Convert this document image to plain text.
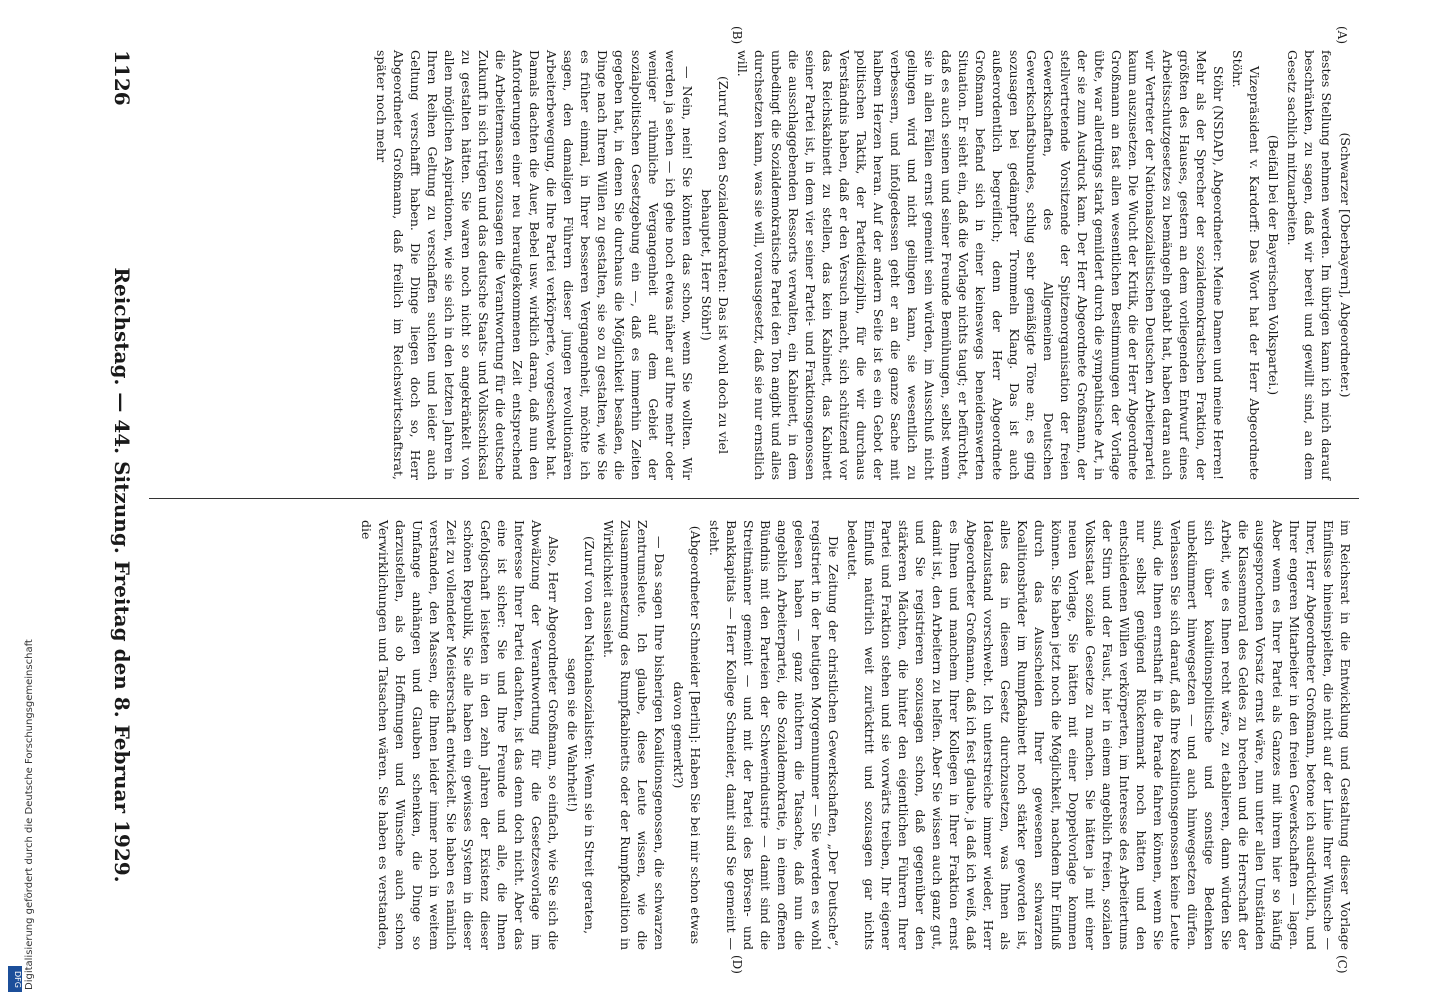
DFG Digitalisierung gefördert durch die Deutsche Forschungsgemeinschaft
1126
Reichstag. — 44. Sitzung. Freitag den 8. Februar 1929.

(Schwarzer [Oberbayern], Abgeordneter.)

festes Stellung nehmen werden. Im übrigen kann ich mich darauf beschränken, zu sagen, daß wir bereit und gewillt sind, an dem Gesetz sachlich mitzuarbeiten.

(Beifall bei der Bayerischen Volkspartei.)

Vizepräsident v. Kardorff: Das Wort hat der Herr Abgeordnete Stöhr.

Stöhr (NSDAP), Abgeordneter: Meine Damen und meine Herren! Mehr als der Sprecher der sozialdemokratischen Fraktion, der größten des Hauses, gestern an dem vorliegenden Entwurf eines Arbeitsschutzgesetzes zu bemängeln gehabt hat, haben daran auch wir Vertreter der Nationalsozialistischen Deutschen Arbeiterpartei kaum auszusetzen. Die Wucht der Kritik, die der Herr Abgeordnete Großmann an fast allen wesentlichen Bestimmungen der Vorlage übte, war allerdings stark gemildert durch die sympathische Art, in der sie zum Ausdruck kam. Der Herr Abgeordnete Großmann, der stellvertretende Vorsitzende der Spitzenorganisation der freien Gewerkschaften, des Allgemeinen Deutschen Gewerkschaftsbundes, schlug sehr gemäßigte Töne an; es ging sozusagen bei gedämpfter Trommeln Klang. Das ist auch außerordentlich begreiflich; denn der Herr Abgeordnete Großmann befand sich in einer keineswegs beneidenswerten Situation. Er sieht ein, daß die Vorlage nichts taugt; er befürchtet, daß es auch seinen und seiner Freunde Bemühungen, selbst wenn sie in allen Fällen ernst gemeint sein würden, im Ausschuß nicht gelingen wird und nicht gelingen kann, sie wesentlich zu verbessern, und infolgedessen geht er an die ganze Sache mit halbem Herzen heran. Auf der andern Seite ist es ein Gebot der politischen Taktik, der Parteidisziplin, für die wir durchaus Verständnis haben, daß er den Versuch macht, sich schützend vor das Reichskabinett zu stellen, das kein Kabinett, das Kabinett seiner Partei ist, in dem vier seiner Partei- und Fraktionsgenossen die ausschlaggebenden Ressorts verwalten, ein Kabinett, in dem unbedingt die Sozialdemokratische Partei den Ton angibt und alles durchsetzen kann, was sie will, vorausgesetzt, daß sie nur ernstlich will.

(Zuruf von den Sozialdemokraten: Das ist wohl doch zu viel behauptet, Herr Stöhr!)

— Nein, nein! Sie könnten das schon, wenn Sie wollten. Wir werden ja sehen — ich gehe noch etwas näher auf Ihre mehr oder weniger rühmliche Vergangenheit auf dem Gebiet der sozialpolitischen Gesetzgebung ein —, daß es immerhin Zeiten gegeben hat, in denen Sie durchaus die Möglichkeit besaßen, die Dinge nach Ihrem Willen zu gestalten, sie so zu gestalten, wie Sie es früher einmal, in Ihrer besseren Vergangenheit, möchte ich sagen, den damaligen Führern dieser jungen revolutionären Arbeiterbewegung, die Ihre Partei verkörperte, vorgeschwebt hat. Damals dachten die Auer, Bebel usw. wirklich daran, daß nun den Anforderungen einer neu heraufgekommenen Zeit entsprechend die Arbeitermassen sozusagen die Verantwortung für die deutsche Zukunft in sich trügen und das deutsche Staats- und Volksschicksal zu gestalten hätten. Sie waren noch nicht so angekränkelt von allen möglichen Aspirationen, wie sie sich in den letzten Jahren in Ihren Reihen Geltung zu verschaffen suchten und leider auch Geltung verschafft haben. Die Dinge liegen doch so, Herr Abgeordneter Großmann, daß freilich im Reichswirtschaftsrat, später noch mehr

im Reichsrat in die Entwicklung und Gestaltung dieser Vorlage Einflüsse hineinspielten, die nicht auf der Linie Ihrer Wünsche — Ihrer, Herr Abgeordneter Großmann, betone ich ausdrücklich, und Ihrer engeren Mitarbeiter in den freien Gewerkschaften — lagen. Aber wenn es Ihrer Partei als Ganzes mit ihrem hier so häufig ausgesprochenen Vorsatz ernst wäre, nun unter allen Umständen die Klassenmoral des Geldes zu brechen und die Herrschaft der Arbeit, wie es Ihnen recht wäre, zu etablieren, dann würden Sie sich über koalitionspolitische und sonstige Bedenken unbekümmert hinwegsetzen — und auch hinwegsetzen dürfen. Verlassen Sie sich darauf, daß Ihre Koalitionsgenossen keine Leute sind, die Ihnen ernsthaft in die Parade fahren können, wenn Sie nur selbst genügend Rückenmark noch hätten und den entschiedenen Willen verkörperten, im Interesse des Arbeitertums der Stirn und der Faust, hier in einem angeblich freien, sozialen Volksstaat soziale Gesetze zu machen. Sie hätten ja mit einer neuen Vorlage, Sie hätten mit einer Doppelvorlage kommen können. Sie haben jetzt noch die Möglichkeit, nachdem Ihr Einfluß durch das Ausscheiden Ihrer gewesenen schwarzen Koalitionsbrüder im Rumpfkabinett noch stärker geworden ist, alles das in diesem Gesetz durchzusetzen, was Ihnen als Idealzustand vorschwebt. Ich unterstreiche immer wieder, Herr Abgeordneter Großmann, daß ich fest glaube, ja daß ich weiß, daß es Ihnen und manchem Ihrer Kollegen in Ihrer Fraktion ernst damit ist, den Arbeitern zu helfen. Aber Sie wissen auch ganz gut, und Sie registrieren sozusagen schon, daß gegenüber den stärkeren Mächten, die hinter den eigentlichen Führern Ihrer Partei und Fraktion stehen und sie vorwärts treiben, Ihr eigener Einfluß natürlich weit zurücktritt und sozusagen gar nichts bedeutet.

Die Zeitung der christlichen Gewerkschaften, „Der Deutsche“, registriert in der heutigen Morgennummer — Sie werden es wohl gelesen haben — ganz nüchtern die Tatsache, daß nun die angeblich Arbeiterpartei, die Sozialdemokratie, in einem offenen Bündnis mit den Parteien der Schwerindustrie — damit sind die Streitmänner gemeint — und mit der Partei des Börsen- und Bankkapitals — Herr Kollege Schneider, damit sind Sie gemeint — steht.

(Abgeordneter Schneider [Berlin]: Haben Sie bei mir schon etwas davon gemerkt?)

— Das sagen Ihre bisherigen Koalitionsgenossen, die schwarzen Zentrumsleute. Ich glaube, diese Leute wissen, wie die Zusammensetzung des Rumpfkabinetts oder der Rumpfkoalition in Wirklichkeit aussieht.

(Zuruf von den Nationalsozialisten: Wenn sie in Streit geraten, sagen sie die Wahrheit!)

Also, Herr Abgeordneter Großmann, so einfach, wie Sie sich die Abwälzung der Verantwortung für die Gesetzesvorlage im Interesse Ihrer Partei dachten, ist das denn doch nicht. Aber das eine ist sicher: Sie und Ihre Freunde und alle, die Ihnen Gefolgschaft leisteten in den zehn Jahren der Existenz dieser schönen Republik, Sie alle haben ein gewisses System in dieser Zeit zu vollendeter Meisterschaft entwickelt. Sie haben es nämlich verstanden, den Massen, die Ihnen leider immer noch in weitem Umfange anhängen und Glauben schenken, die Dinge so darzustellen, als ob Hoffnungen und Wünsche auch schon Verwirklichungen und Tatsachen wären. Sie haben es verstanden, die

(A)
(B)
(C)
(D)
